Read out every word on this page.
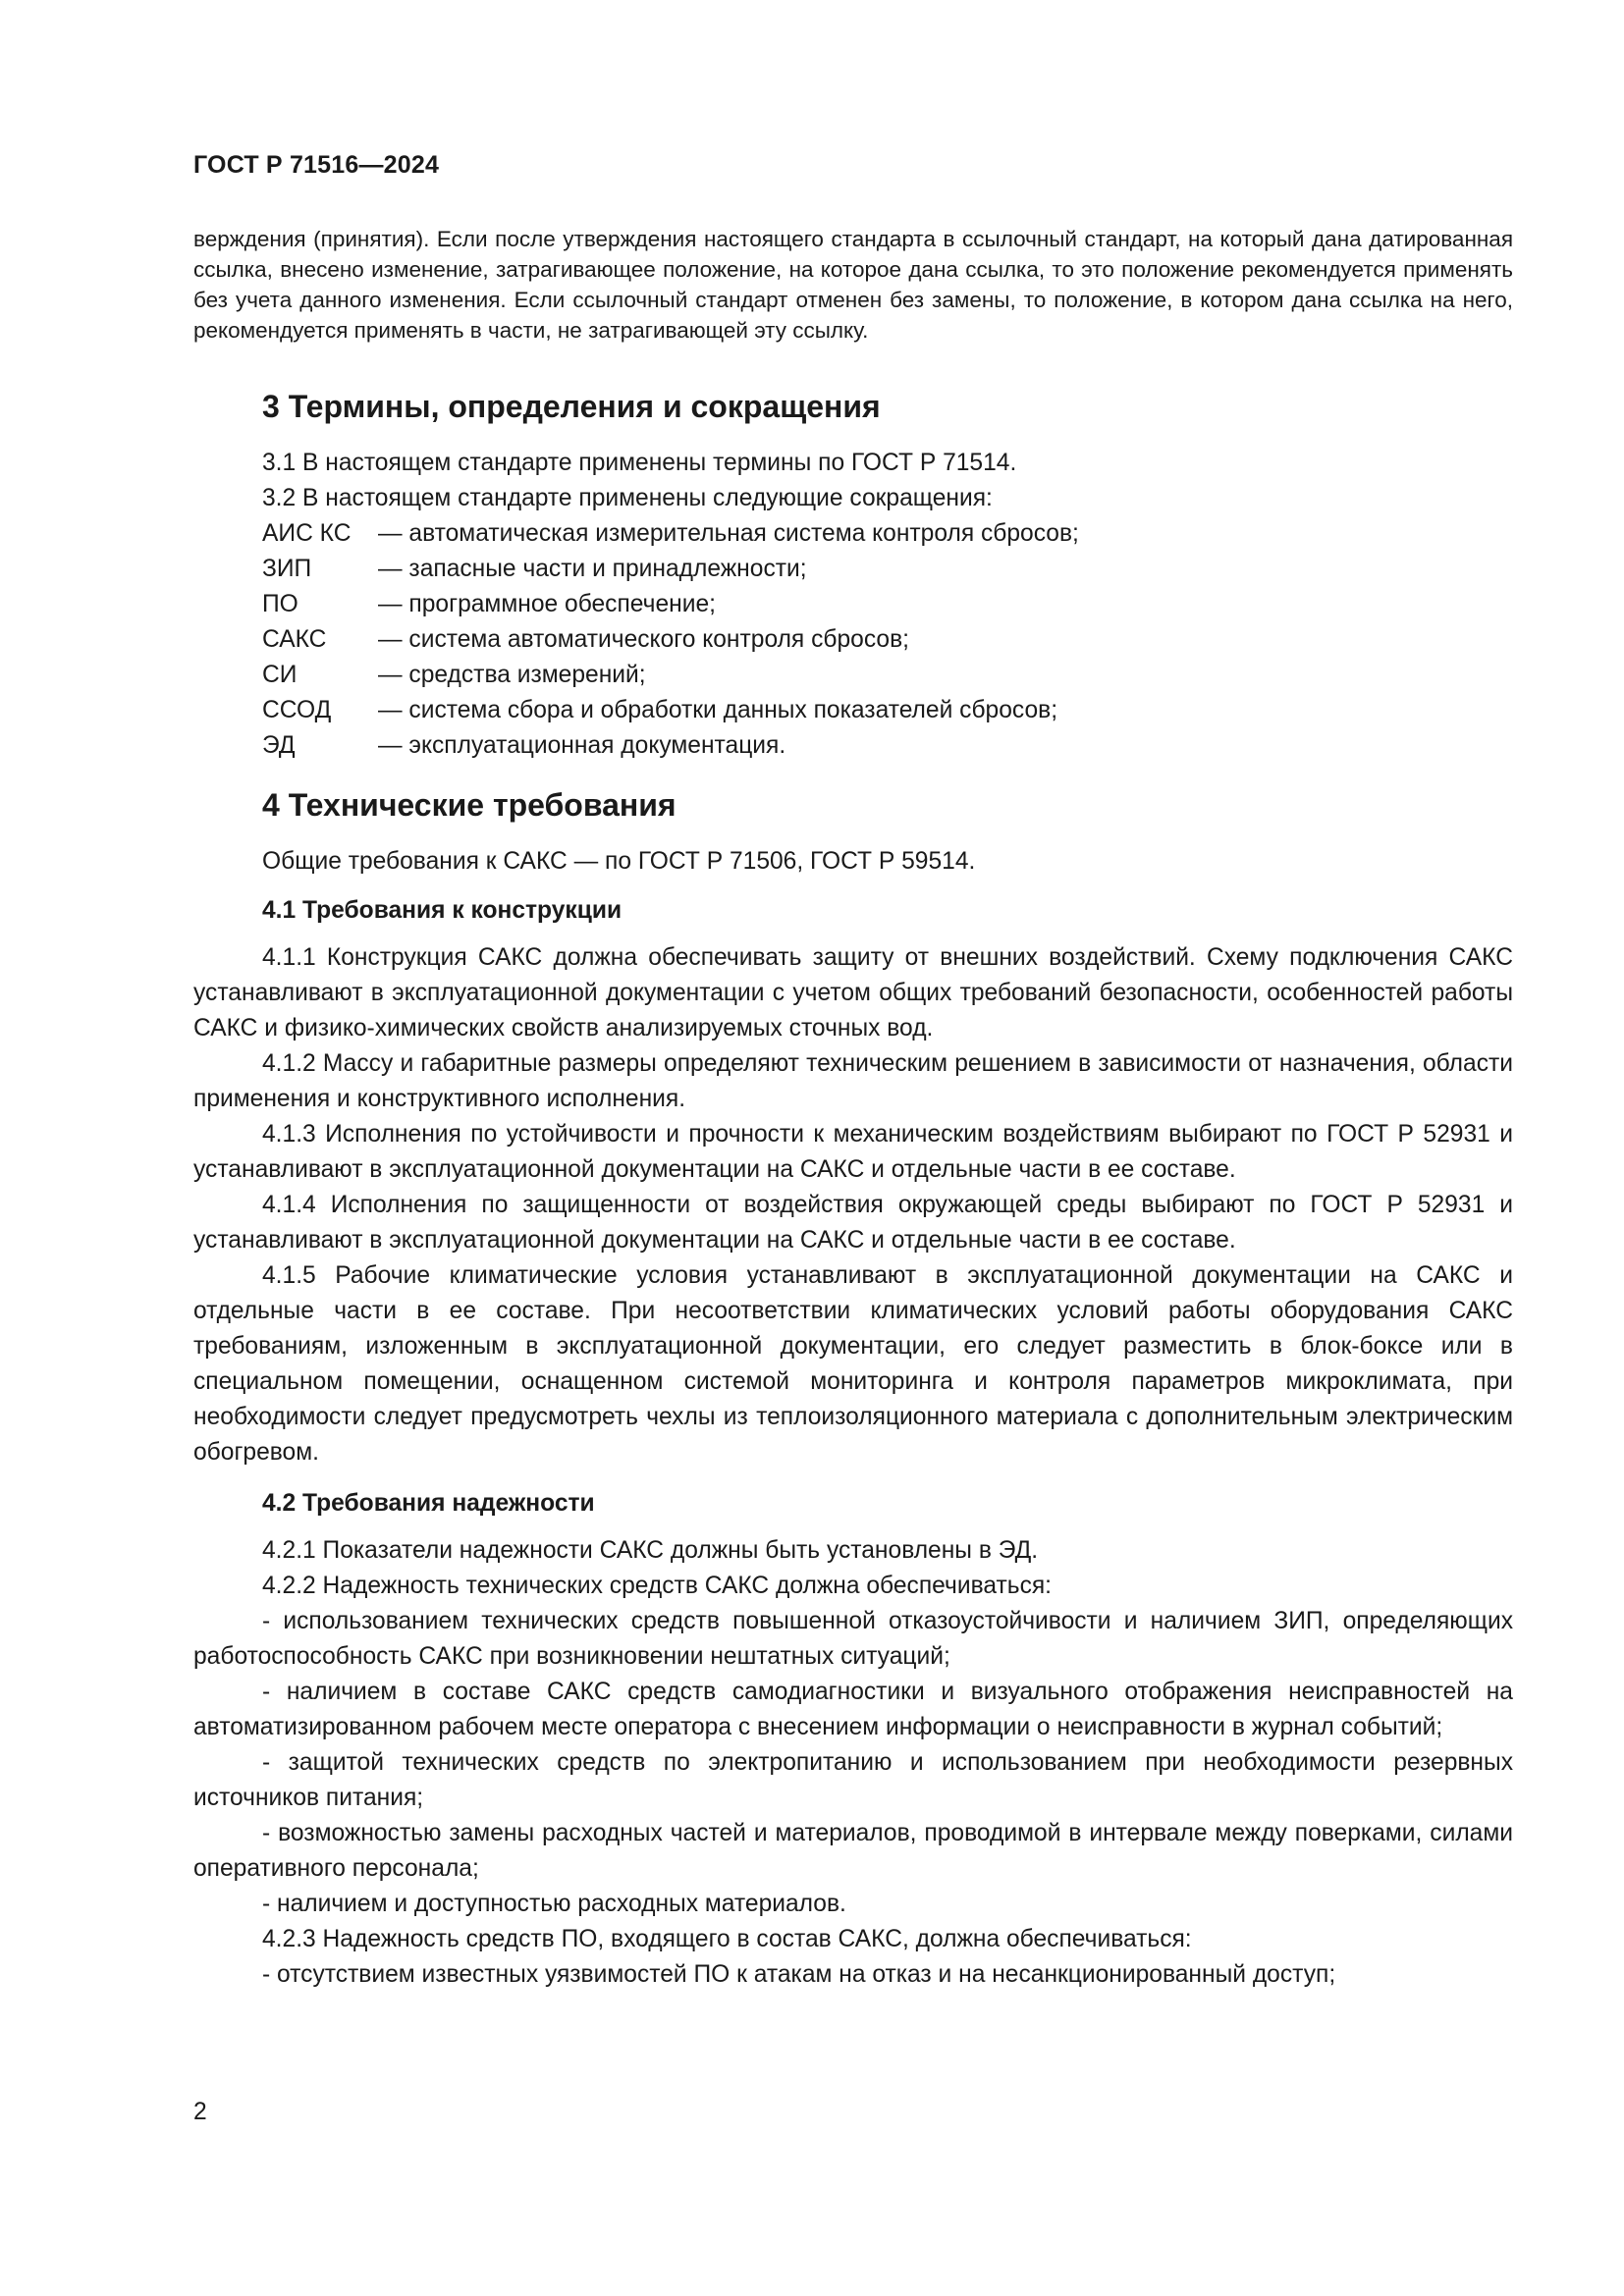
ГОСТ Р 71516—2024

верждения (принятия). Если после утверждения настоящего стандарта в ссылочный стандарт, на который дана датированная ссылка, внесено изменение, затрагивающее положение, на которое дана ссылка, то это положение рекомендуется применять без учета данного изменения. Если ссылочный стандарт отменен без замены, то положение, в котором дана ссылка на него, рекомендуется применять в части, не затрагивающей эту ссылку.

3 Термины, определения и сокращения

3.1 В настоящем стандарте применены термины по ГОСТ Р 71514.

3.2 В настоящем стандарте применены следующие сокращения:

АИС КС	— автоматическая измерительная система контроля сбросов;
ЗИП	— запасные части и принадлежности;
ПО	— программное обеспечение;
САКС	— система автоматического контроля сбросов;
СИ	— средства измерений;
ССОД	— система сбора и обработки данных показателей сбросов;
ЭД	— эксплуатационная документация.
4 Технические требования

Общие требования к САКС — по ГОСТ Р 71506, ГОСТ Р 59514.

4.1 Требования к конструкции

4.1.1 Конструкция САКС должна обеспечивать защиту от внешних воздействий. Схему подключения САКС устанавливают в эксплуатационной документации с учетом общих требований безопасности, особенностей работы САКС и физико-химических свойств анализируемых сточных вод.

4.1.2 Массу и габаритные размеры определяют техническим решением в зависимости от назначения, области применения и конструктивного исполнения.

4.1.3 Исполнения по устойчивости и прочности к механическим воздействиям выбирают по ГОСТ Р 52931 и устанавливают в эксплуатационной документации на САКС и отдельные части в ее составе.

4.1.4 Исполнения по защищенности от воздействия окружающей среды выбирают по ГОСТ Р 52931 и устанавливают в эксплуатационной документации на САКС и отдельные части в ее составе.

4.1.5 Рабочие климатические условия устанавливают в эксплуатационной документации на САКС и отдельные части в ее составе. При несоответствии климатических условий работы оборудования САКС требованиям, изложенным в эксплуатационной документации, его следует разместить в блок-боксе или в специальном помещении, оснащенном системой мониторинга и контроля параметров микроклимата, при необходимости следует предусмотреть чехлы из теплоизоляционного материала с дополнительным электрическим обогревом.

4.2 Требования надежности

4.2.1 Показатели надежности САКС должны быть установлены в ЭД.

4.2.2 Надежность технических средств САКС должна обеспечиваться:

- использованием технических средств повышенной отказоустойчивости и наличием ЗИП, определяющих работоспособность САКС при возникновении нештатных ситуаций;

- наличием в составе САКС средств самодиагностики и визуального отображения неисправностей на автоматизированном рабочем месте оператора с внесением информации о неисправности в журнал событий;

- защитой технических средств по электропитанию и использованием при необходимости резервных источников питания;

- возможностью замены расходных частей и материалов, проводимой в интервале между поверками, силами оперативного персонала;

- наличием и доступностью расходных материалов.

4.2.3 Надежность средств ПО, входящего в состав САКС, должна обеспечиваться:

- отсутствием известных уязвимостей ПО к атакам на отказ и на несанкционированный доступ;

2
